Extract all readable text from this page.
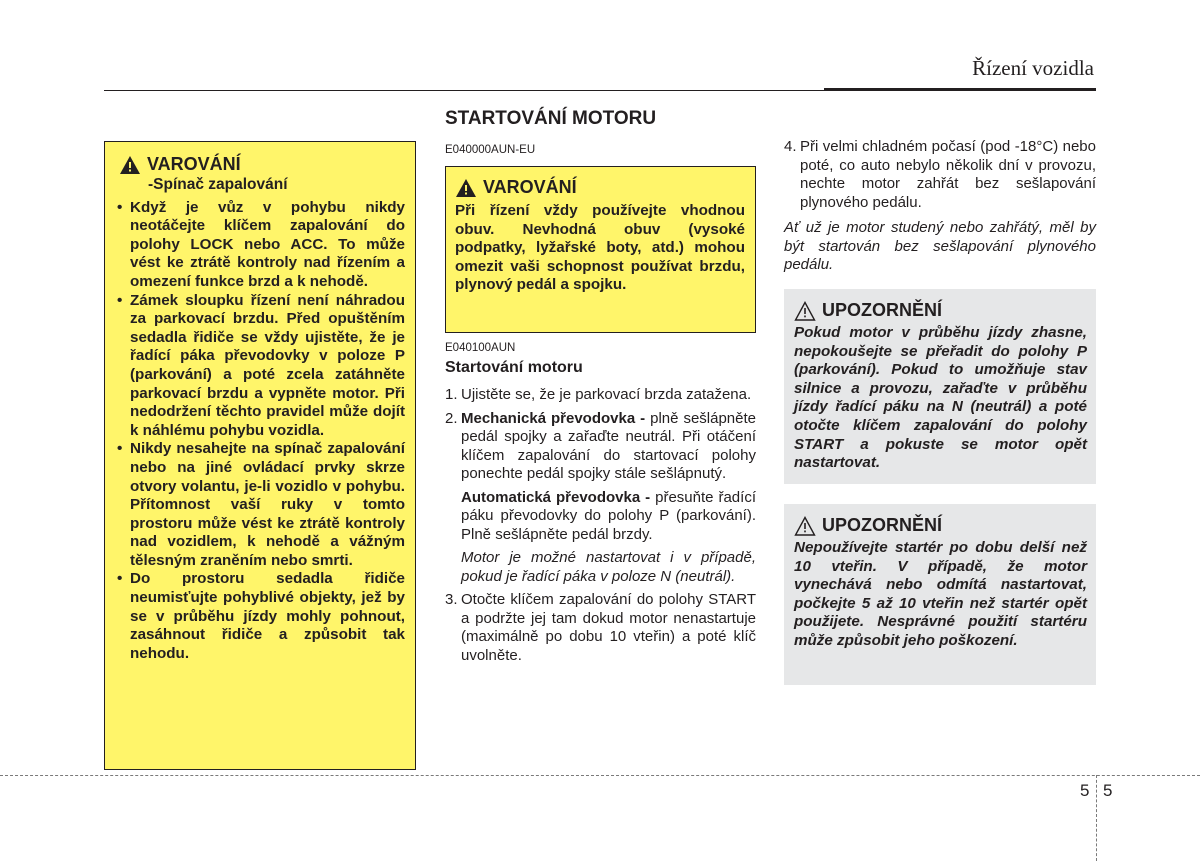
Řízení vozidla
VAROVÁNÍ
-Spínač zapalování
• Když je vůz v pohybu nikdy neotáčejte klíčem zapalování do polohy LOCK nebo ACC. To může vést ke ztrátě kontroly nad řízením a omezení funkce brzd a k nehodě.
• Zámek sloupku řízení není náhradou za parkovací brzdu. Před opuštěním sedadla řidiče se vždy ujistěte, že je řadící páka převodovky v poloze P (parkování) a poté zcela zatáhněte parkovací brzdu a vypněte motor. Při nedodržení těchto pravidel může dojít k náhlému pohybu vozidla.
• Nikdy nesahejte na spínač zapalování nebo na jiné ovládací prvky skrze otvory volantu, je-li vozidlo v pohybu. Přítomnost vaší ruky v tomto prostoru může vést ke ztrátě kontroly nad vozidlem, k nehodě a vážným tělesným zraněním nebo smrti.
• Do prostoru sedadla řidiče neumisťujte pohyblivé objekty, jež by se v průběhu jízdy mohly pohnout, zasáhnout řidiče a způsobit tak nehodu.
STARTOVÁNÍ MOTORU
E040000AUN-EU
VAROVÁNÍ
Při řízení vždy používejte vhodnou obuv. Nevhodná obuv (vysoké podpatky, lyžařské boty, atd.) mohou omezit vaši schopnost používat brzdu, plynový pedál a spojku.
E040100AUN
Startování motoru
1. Ujistěte se, že je parkovací brzda zatažena.
2. Mechanická převodovka - plně sešlápněte pedál spojky a zařaďte neutrál. Při otáčení klíčem zapalování do startovací polohy ponechte pedál spojky stále sešlápnutý.
Automatická převodovka - přesuňte řadící páku převodovky do polohy P (parkování). Plně sešlápněte pedál brzdy.
Motor je možné nastartovat i v případě, pokud je řadící páka v poloze N (neutrál).
3. Otočte klíčem zapalování do polohy START a podržte jej tam dokud motor nenastartuje (maximálně po dobu 10 vteřin) a poté klíč uvolněte.
4. Při velmi chladném počasí (pod -18°C) nebo poté, co auto nebylo několik dní v provozu, nechte motor zahřát bez sešlapování plynového pedálu.
Ať už je motor studený nebo zahřátý, měl by být startován bez sešlapování plynového pedálu.
UPOZORNĚNÍ
Pokud motor v průběhu jízdy zhasne, nepokoušejte se přeřadit do polohy P (parkování). Pokud to umožňuje stav silnice a provozu, zařaďte v průběhu jízdy řadící páku na N (neutrál) a poté otočte klíčem zapalování do polohy START a pokuste se motor opět nastartovat.
UPOZORNĚNÍ
Nepoužívejte startér po dobu delší než 10 vteřin. V případě, že motor vynechává nebo odmítá nastartovat, počkejte 5 až 10 vteřin než startér opět použijete. Nesprávné použití startéru může způsobit jeho poškození.
5 5
